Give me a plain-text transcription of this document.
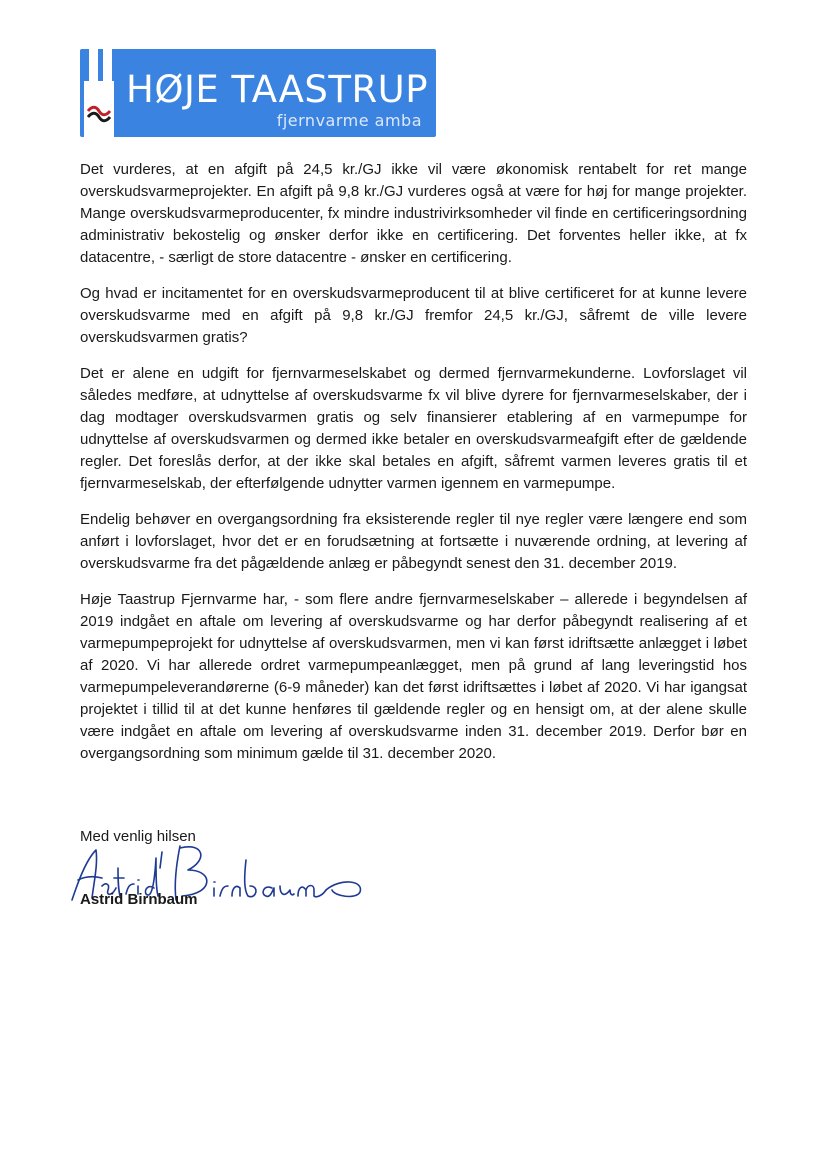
HØJE TAASTRUP
fjernvarme amba

Det vurderes, at en afgift på 24,5 kr./GJ ikke vil være økonomisk rentabelt for ret mange overskudsvarmeprojekter. En afgift på 9,8 kr./GJ vurderes også at være for høj for mange projekter. Mange overskudsvarmeproducenter, fx mindre industrivirksomheder vil finde en certificeringsordning administrativ bekostelig og ønsker derfor ikke en certificering. Det forventes heller ikke, at fx datacentre, - særligt de store datacentre - ønsker en certificering.

Og hvad er incitamentet for en overskudsvarmeproducent til at blive certificeret for at kunne levere overskudsvarme med en afgift på 9,8 kr./GJ fremfor 24,5 kr./GJ, såfremt de ville levere overskudsvarmen gratis?

Det er alene en udgift for fjernvarmeselskabet og dermed fjernvarmekunderne. Lovforslaget vil således medføre, at udnyttelse af overskudsvarme fx vil blive dyrere for fjernvarmeselskaber, der i dag modtager overskudsvarmen gratis og selv finansierer etablering af en varmepumpe for udnyttelse af overskudsvarmen og dermed ikke betaler en overskudsvarmeafgift efter de gældende regler. Det foreslås derfor, at der ikke skal betales en afgift, såfremt varmen leveres gratis til et fjernvarmeselskab, der efterfølgende udnytter varmen igennem en varmepumpe.

Endelig behøver en overgangsordning fra eksisterende regler til nye regler være længere end som anført i lovforslaget, hvor det er en forudsætning at fortsætte i nuværende ordning, at levering af overskudsvarme fra det pågældende anlæg er påbegyndt senest den 31. december 2019.

Høje Taastrup Fjernvarme har, - som flere andre fjernvarmeselskaber – allerede i begyndelsen af 2019 indgået en aftale om levering af overskudsvarme og har derfor påbegyndt realisering af et varmepumpeprojekt for udnyttelse af overskudsvarmen, men vi kan først idriftsætte anlægget i løbet af 2020. Vi har allerede ordret varmepumpeanlægget, men på grund af lang leveringstid hos varmepumpeleverandørerne (6-9 måneder) kan det først idriftsættes i løbet af 2020. Vi har igangsat projektet i tillid til at det kunne henføres til gældende regler og en hensigt om, at der alene skulle være indgået en aftale om levering af overskudsvarme inden 31. december 2019. Derfor bør en overgangsordning som minimum gælde til 31. december 2020.

Med venlig hilsen
Astrid Birnbaum
